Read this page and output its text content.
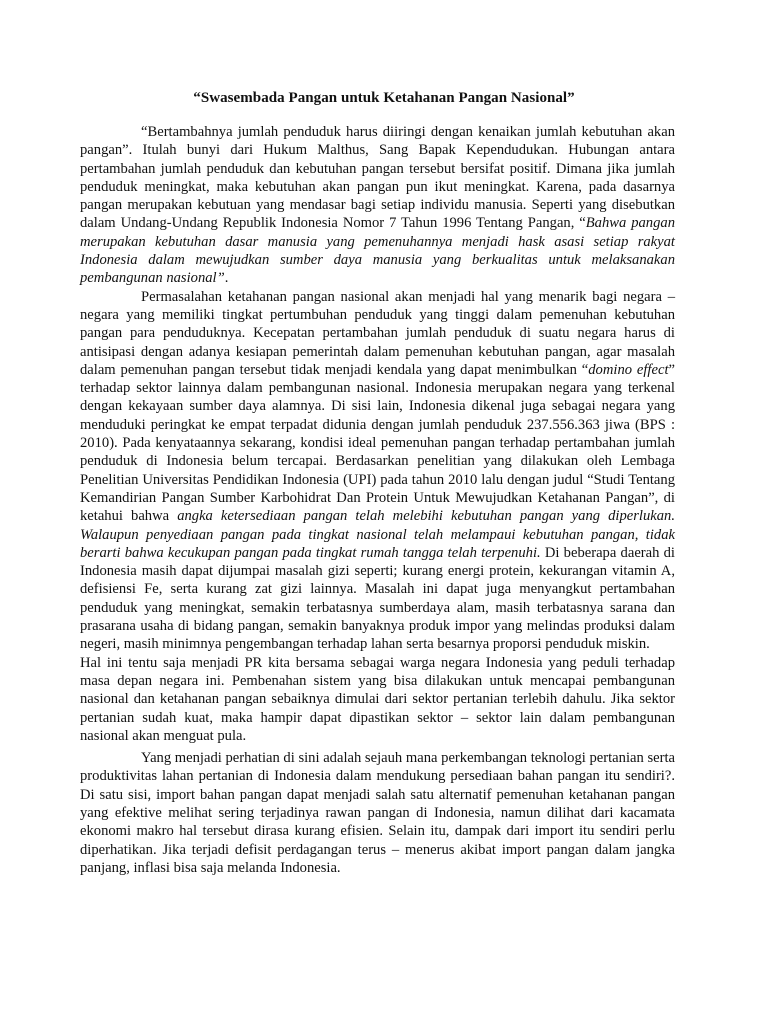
“Swasembada Pangan untuk Ketahanan Pangan Nasional”

“Bertambahnya jumlah penduduk harus diiringi dengan kenaikan jumlah kebutuhan akan pangan”. Itulah bunyi dari Hukum Malthus, Sang Bapak Kependudukan. Hubungan antara pertambahan jumlah penduduk dan kebutuhan pangan tersebut bersifat positif. Dimana jika jumlah penduduk meningkat, maka kebutuhan akan pangan pun ikut meningkat. Karena, pada dasarnya pangan merupakan kebutuan yang mendasar bagi setiap individu manusia. Seperti yang disebutkan dalam Undang-Undang Republik Indonesia Nomor 7 Tahun 1996 Tentang Pangan, “Bahwa pangan merupakan kebutuhan dasar manusia yang pemenuhannya menjadi hask asasi setiap rakyat Indonesia dalam mewujudkan sumber daya manusia yang berkualitas untuk melaksanakan pembangunan nasional”.

Permasalahan ketahanan pangan nasional akan menjadi hal yang menarik bagi negara – negara yang memiliki tingkat pertumbuhan penduduk yang tinggi dalam pemenuhan kebutuhan pangan para penduduknya. Kecepatan pertambahan jumlah penduduk di suatu negara harus di antisipasi dengan adanya kesiapan pemerintah dalam pemenuhan kebutuhan pangan, agar masalah dalam pemenuhan pangan tersebut tidak menjadi kendala yang dapat menimbulkan “domino effect” terhadap sektor lainnya dalam pembangunan nasional. Indonesia merupakan negara yang terkenal dengan kekayaan sumber daya alamnya. Di sisi lain, Indonesia dikenal juga sebagai negara yang menduduki peringkat ke empat terpadat didunia dengan jumlah penduduk 237.556.363 jiwa (BPS : 2010). Pada kenyataannya sekarang, kondisi ideal pemenuhan pangan terhadap pertambahan jumlah penduduk di Indonesia belum tercapai. Berdasarkan penelitian yang dilakukan oleh Lembaga Penelitian Universitas Pendidikan Indonesia (UPI) pada tahun 2010 lalu dengan judul “Studi Tentang Kemandirian Pangan Sumber Karbohidrat Dan Protein Untuk Mewujudkan Ketahanan Pangan”, di ketahui bahwa angka ketersediaan pangan telah melebihi kebutuhan pangan yang diperlukan. Walaupun penyediaan pangan pada tingkat nasional telah melampaui kebutuhan pangan, tidak berarti bahwa kecukupan pangan pada tingkat rumah tangga telah terpenuhi. Di beberapa daerah di Indonesia masih dapat dijumpai masalah gizi seperti; kurang energi protein, kekurangan vitamin A, defisiensi Fe, serta kurang zat gizi lainnya. Masalah ini dapat juga menyangkut pertambahan penduduk yang meningkat, semakin terbatasnya sumberdaya alam, masih terbatasnya sarana dan prasarana usaha di bidang pangan, semakin banyaknya produk impor yang melindas produksi dalam negeri, masih minimnya pengembangan terhadap lahan serta besarnya proporsi penduduk miskin.

Hal ini tentu saja menjadi PR kita bersama sebagai warga negara Indonesia yang peduli terhadap masa depan negara ini. Pembenahan sistem yang bisa dilakukan untuk mencapai pembangunan nasional dan ketahanan pangan sebaiknya dimulai dari sektor pertanian terlebih dahulu. Jika sektor pertanian sudah kuat, maka hampir dapat dipastikan sektor – sektor lain dalam pembangunan nasional akan menguat pula.

Yang menjadi perhatian di sini adalah sejauh mana perkembangan teknologi pertanian serta produktivitas lahan pertanian di Indonesia dalam mendukung persediaan bahan pangan itu sendiri?. Di satu sisi, import bahan pangan dapat menjadi salah satu alternatif pemenuhan ketahanan pangan yang efektive melihat sering terjadinya rawan pangan di Indonesia, namun dilihat dari kacamata ekonomi makro hal tersebut dirasa kurang efisien. Selain itu, dampak dari import itu sendiri perlu diperhatikan. Jika terjadi defisit perdagangan terus – menerus akibat import pangan dalam jangka panjang, inflasi bisa saja melanda Indonesia.
